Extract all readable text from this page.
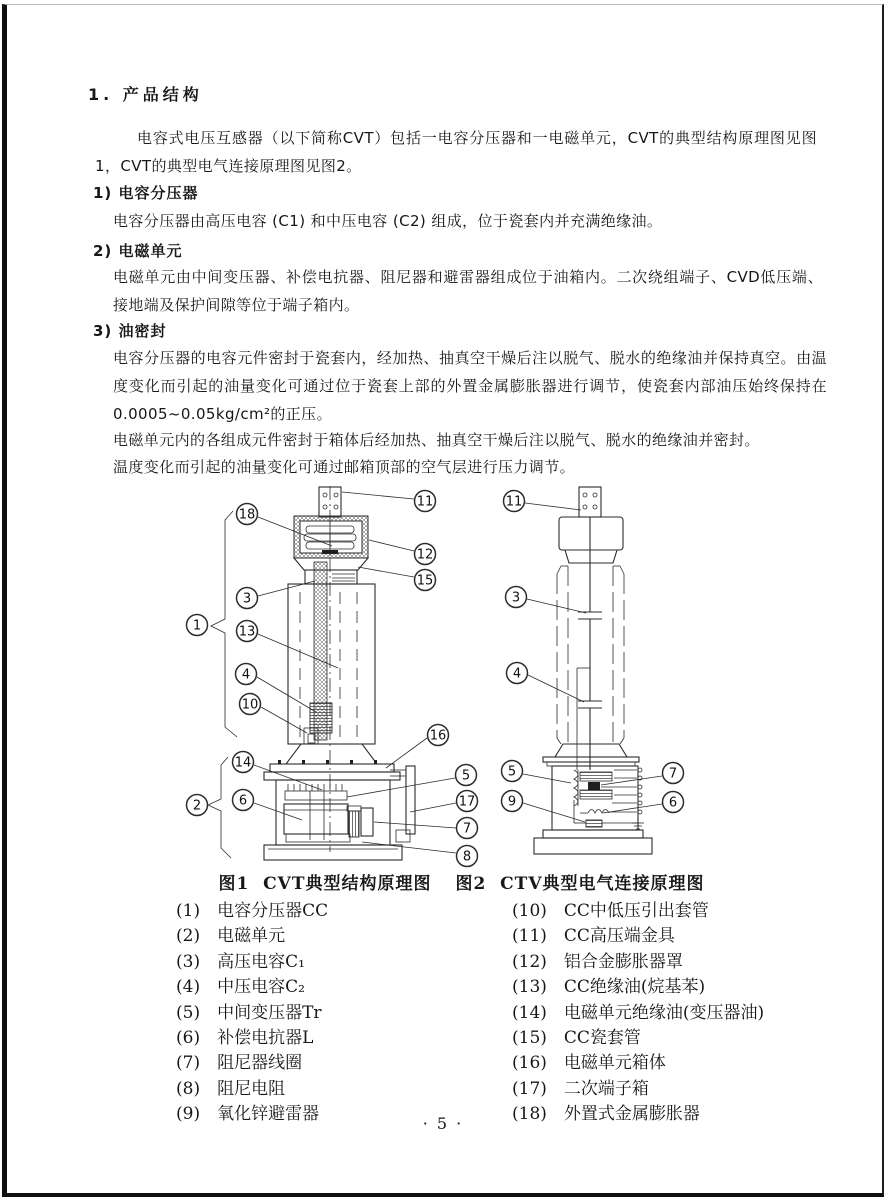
1. 产品结构
电容式电压互感器（以下简称CVT）包括一电容分压器和一电磁单元，CVT的典型结构原理图见图1，CVT的典型电气连接原理图见图2。
1) 电容分压器
电容分压器由高压电容 (C1) 和中压电容 (C2) 组成，位于瓷套内并充满绝缘油。
2) 电磁单元
电磁单元由中间变压器、补偿电抗器、阻尼器和避雷器组成位于油箱内。二次绕组端子、CVD低压端、接地端及保护间隙等位于端子箱内。
3) 油密封
电容分压器的电容元件密封于瓷套内，经加热、抽真空干燥后注以脱气、脱水的绝缘油并保持真空。由温度变化而引起的油量变化可通过位于瓷套上部的外置金属膨胀器进行调节，使瓷套内部油压始终保持在0.0005~0.05kg/cm²的正压。
电磁单元内的各组成元件密封于箱体后经加热、抽真空干燥后注以脱气、脱水的绝缘油并密封。
温度变化而引起的油量变化可通过邮箱顶部的空气层进行压力调节。
11
18
12
15
3
13
4
10
1
16
14
5
6
2	17
7
8
11
3
4
5
9
7
6
图1  CVT典型结构原理图	图2  CTV典型电气连接原理图
(1)　电容分压器CC
(2)　电磁单元
(3)　高压电容C₁
(4)　中压电容C₂
(5)　中间变压器Tr
(6)　补偿电抗器L
(7)　阻尼器线圈
(8)　阻尼电阻
(9)　氧化锌避雷器
(10)　CC中低压引出套管
(11)　CC高压端金具
(12)　铝合金膨胀器罩
(13)　CC绝缘油(烷基苯)
(14)　电磁单元绝缘油(变压器油)
(15)　CC瓷套管
(16)　电磁单元箱体
(17)　二次端子箱
(18)　外置式金属膨胀器
· 5 ·
